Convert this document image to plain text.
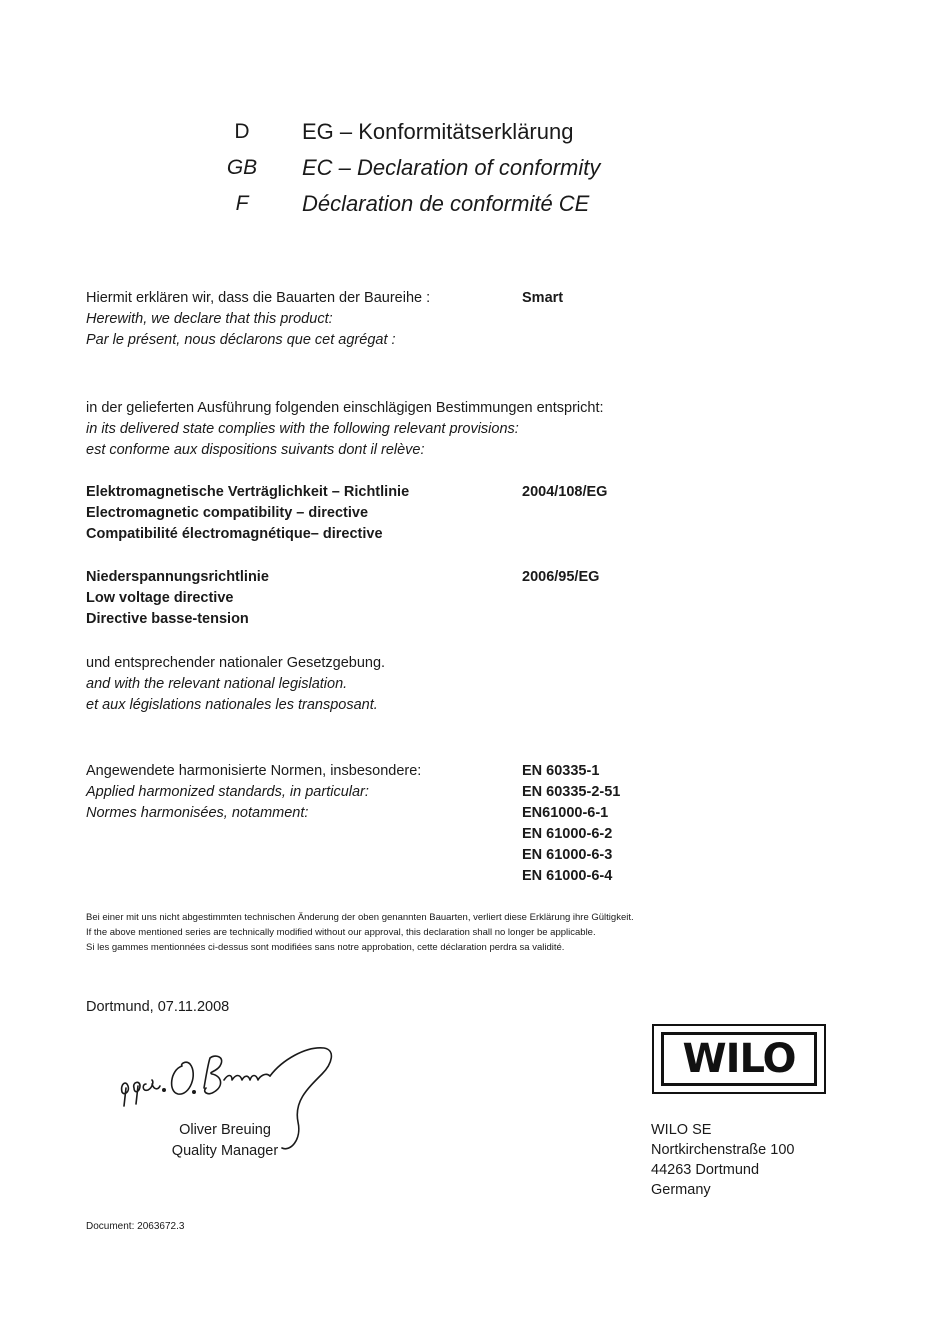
D	EG – Konformitätserklärung
GB EC – Declaration of conformity
F	Déclaration de conformité CE
Hiermit erklären wir, dass die Bauarten der Baureihe :
Herewith, we declare that this product:
Par le présent, nous déclarons que cet agrégat :
Smart
in der gelieferten Ausführung folgenden einschlägigen Bestimmungen entspricht:
in its delivered state complies with the following relevant provisions:
est conforme aux dispositions suivants dont il relève:
Elektromagnetische Verträglichkeit – Richtlinie
Electromagnetic compatibility – directive
Compatibilité électromagnétique– directive
2004/108/EG
Niederspannungsrichtlinie
Low voltage directive
Directive basse-tension
2006/95/EG
und entsprechender nationaler Gesetzgebung.
and with the relevant national legislation.
et aux législations nationales les transposant.
Angewendete harmonisierte Normen, insbesondere:
Applied harmonized standards, in particular:
Normes harmonisées, notamment:
EN 60335-1
EN 60335-2-51
EN61000-6-1
EN 61000-6-2
EN 61000-6-3
EN 61000-6-4
Bei einer mit uns nicht abgestimmten technischen Änderung der oben genannten Bauarten, verliert diese Erklärung ihre Gültigkeit.
If the above mentioned series are technically modified without our approval, this declaration shall no longer be applicable.
Si les gammes mentionnées ci-dessus sont modifiées sans notre approbation, cette déclaration perdra sa validité.
Dortmund, 07.11.2008
Oliver Breuing
Quality Manager
WILO
WILO SE
Nortkirchenstraße 100
44263 Dortmund
Germany
Document: 2063672.3
